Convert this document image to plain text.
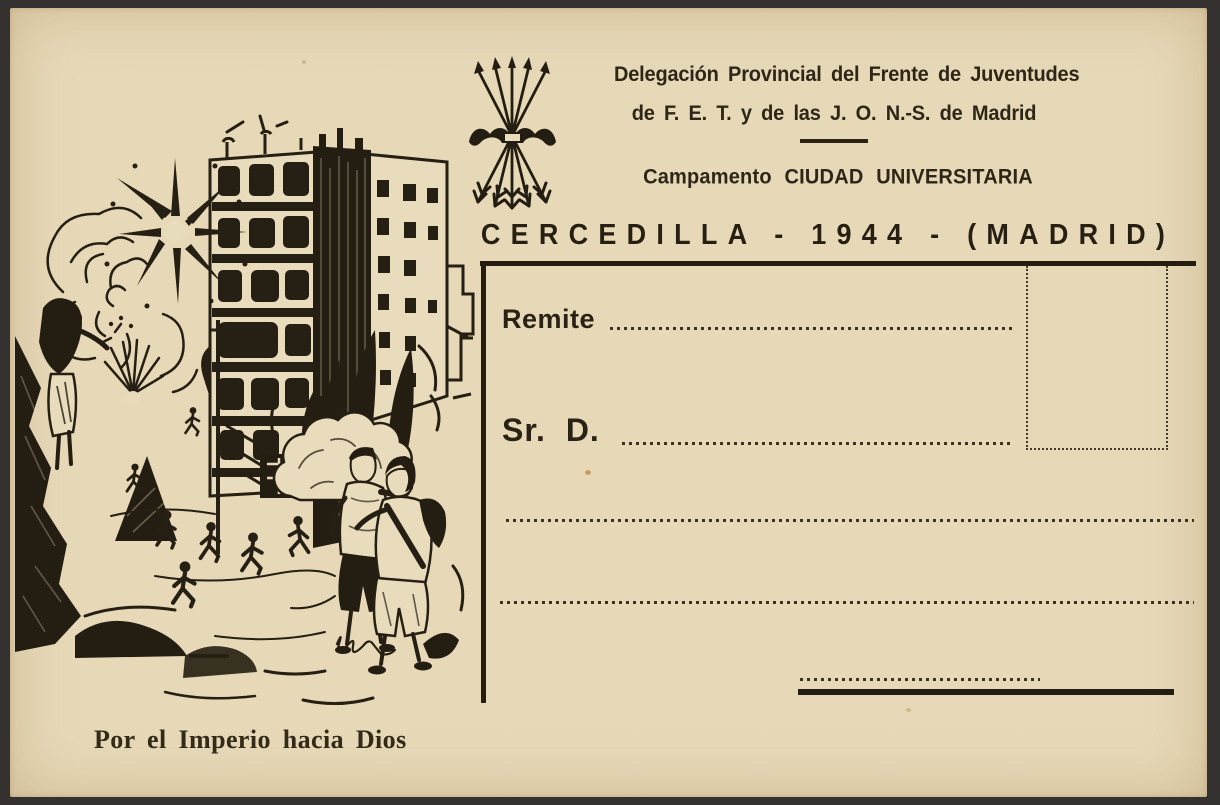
Por el Imperio hacia Dios
Delegación Provincial del Frente de Juventudes
de F. E. T. y de las J. O. N.-S. de Madrid
Campamento CIUDAD UNIVERSITARIA
CERCEDILLA - 1944 - (MADRID)
Remite
Sr. D.
